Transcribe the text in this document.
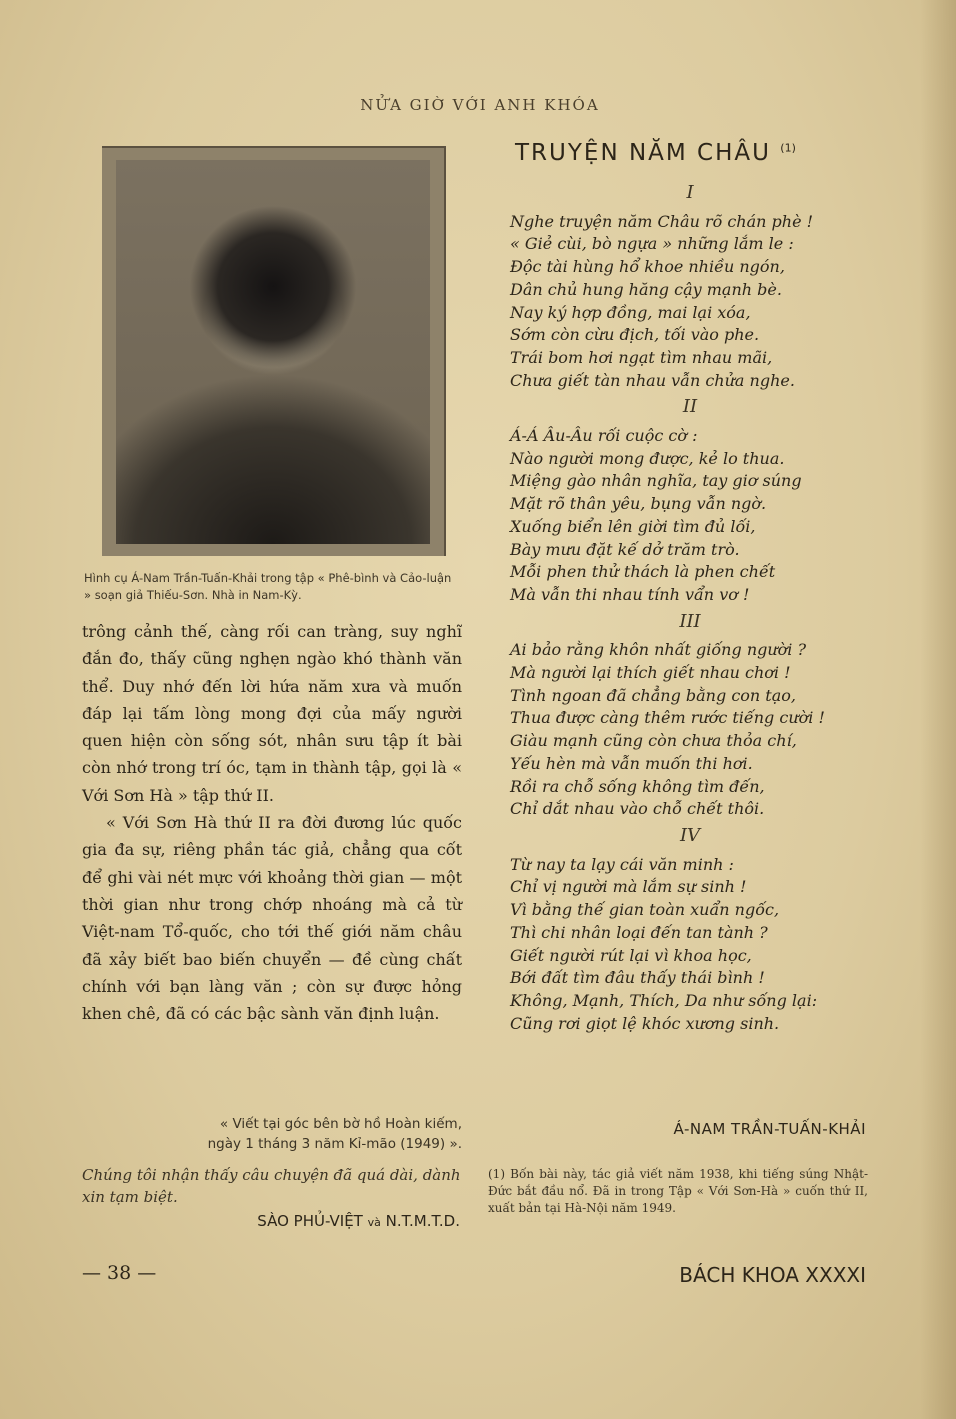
NỬA GIỜ VỚI ANH KHÓA
Hình cụ Á-Nam Trần-Tuấn-Khải trong tập « Phê-bình và Cảo-luận » soạn giả Thiếu-Sơn. Nhà in Nam-Kỳ.

trông cảnh thế, càng rối can tràng, suy nghĩ đắn đo, thấy cũng nghẹn ngào khó thành văn thể. Duy nhớ đến lời hứa năm xưa và muốn đáp lại tấm lòng mong đợi của mấy người quen hiện còn sống sót, nhân sưu tập ít bài còn nhớ trong trí óc, tạm in thành tập, gọi là « Với Sơn Hà » tập thứ II.

« Với Sơn Hà thứ II ra đời đương lúc quốc gia đa sự, riêng phần tác giả, chẳng qua cốt để ghi vài nét mực với khoảng thời gian — một thời gian như trong chớp nhoáng mà cả từ Việt-nam Tổ-quốc, cho tới thế giới năm châu đã xảy biết bao biến chuyển — đề cùng chất chính với bạn làng văn ; còn sự được hỏng khen chê, đã có các bậc sành văn định luận.

« Viết tại góc bên bờ hồ Hoàn kiếm,
ngày 1 tháng 3 năm Kỉ-mão (1949) ».
Chúng tôi nhận thấy câu chuyện đã quá dài, dành xin tạm biệt.
SÀO PHỦ-VIỆT và N.T.M.T.D.
— 38 —
TRUYỆN NĂM CHÂU $^{(1)}$
I
Nghe truyện năm Châu rõ chán phè !
« Giẻ cùi, bò ngựa » những lắm le :
Độc tài hùng hổ khoe nhiều ngón,
Dân chủ hung hăng cậy mạnh bè.
Nay ký hợp đồng, mai lại xóa,
Sớm còn cừu địch, tối vào phe.
Trái bom hơi ngạt tìm nhau mãi,
Chưa giết tàn nhau vẫn chửa nghe.
II
Á-Á Âu-Âu rối cuộc cờ :
Nào người mong được, kẻ lo thua.
Miệng gào nhân nghĩa, tay giơ súng
Mặt rõ thân yêu, bụng vẫn ngờ.
Xuống biển lên giời tìm đủ lối,
Bày mưu đặt kế dở trăm trò.
Mỗi phen thử thách là phen chết
Mà vẫn thi nhau tính vẩn vơ !
III
Ai bảo rằng khôn nhất giống người ?
Mà người lại thích giết nhau chơi !
Tình ngoan đã chẳng bằng con tạo,
Thua được càng thêm rước tiếng cười !
Giàu mạnh cũng còn chưa thỏa chí,
Yếu hèn mà vẫn muốn thi hơi.
Rồi ra chỗ sống không tìm đến,
Chỉ dắt nhau vào chỗ chết thôi.
IV
Từ nay ta lạy cái văn minh :
Chỉ vị người mà lắm sự sinh !
Vì bằng thế gian toàn xuẩn ngốc,
Thì chi nhân loại đến tan tành ?
Giết người rút lại vì khoa học,
Bới đất tìm đâu thấy thái bình !
Không, Mạnh, Thích, Da như sống lại:
Cũng rơi giọt lệ khóc xương sinh.
Á-NAM TRẦN-TUẤN-KHẢI
(1) Bốn bài này, tác giả viết năm 1938, khi tiếng súng Nhật-Đức bắt đầu nổ. Đã in trong Tập « Với Sơn-Hà » cuốn thứ II, xuất bản tại Hà-Nội năm 1949.
BÁCH KHOA XXXXI
